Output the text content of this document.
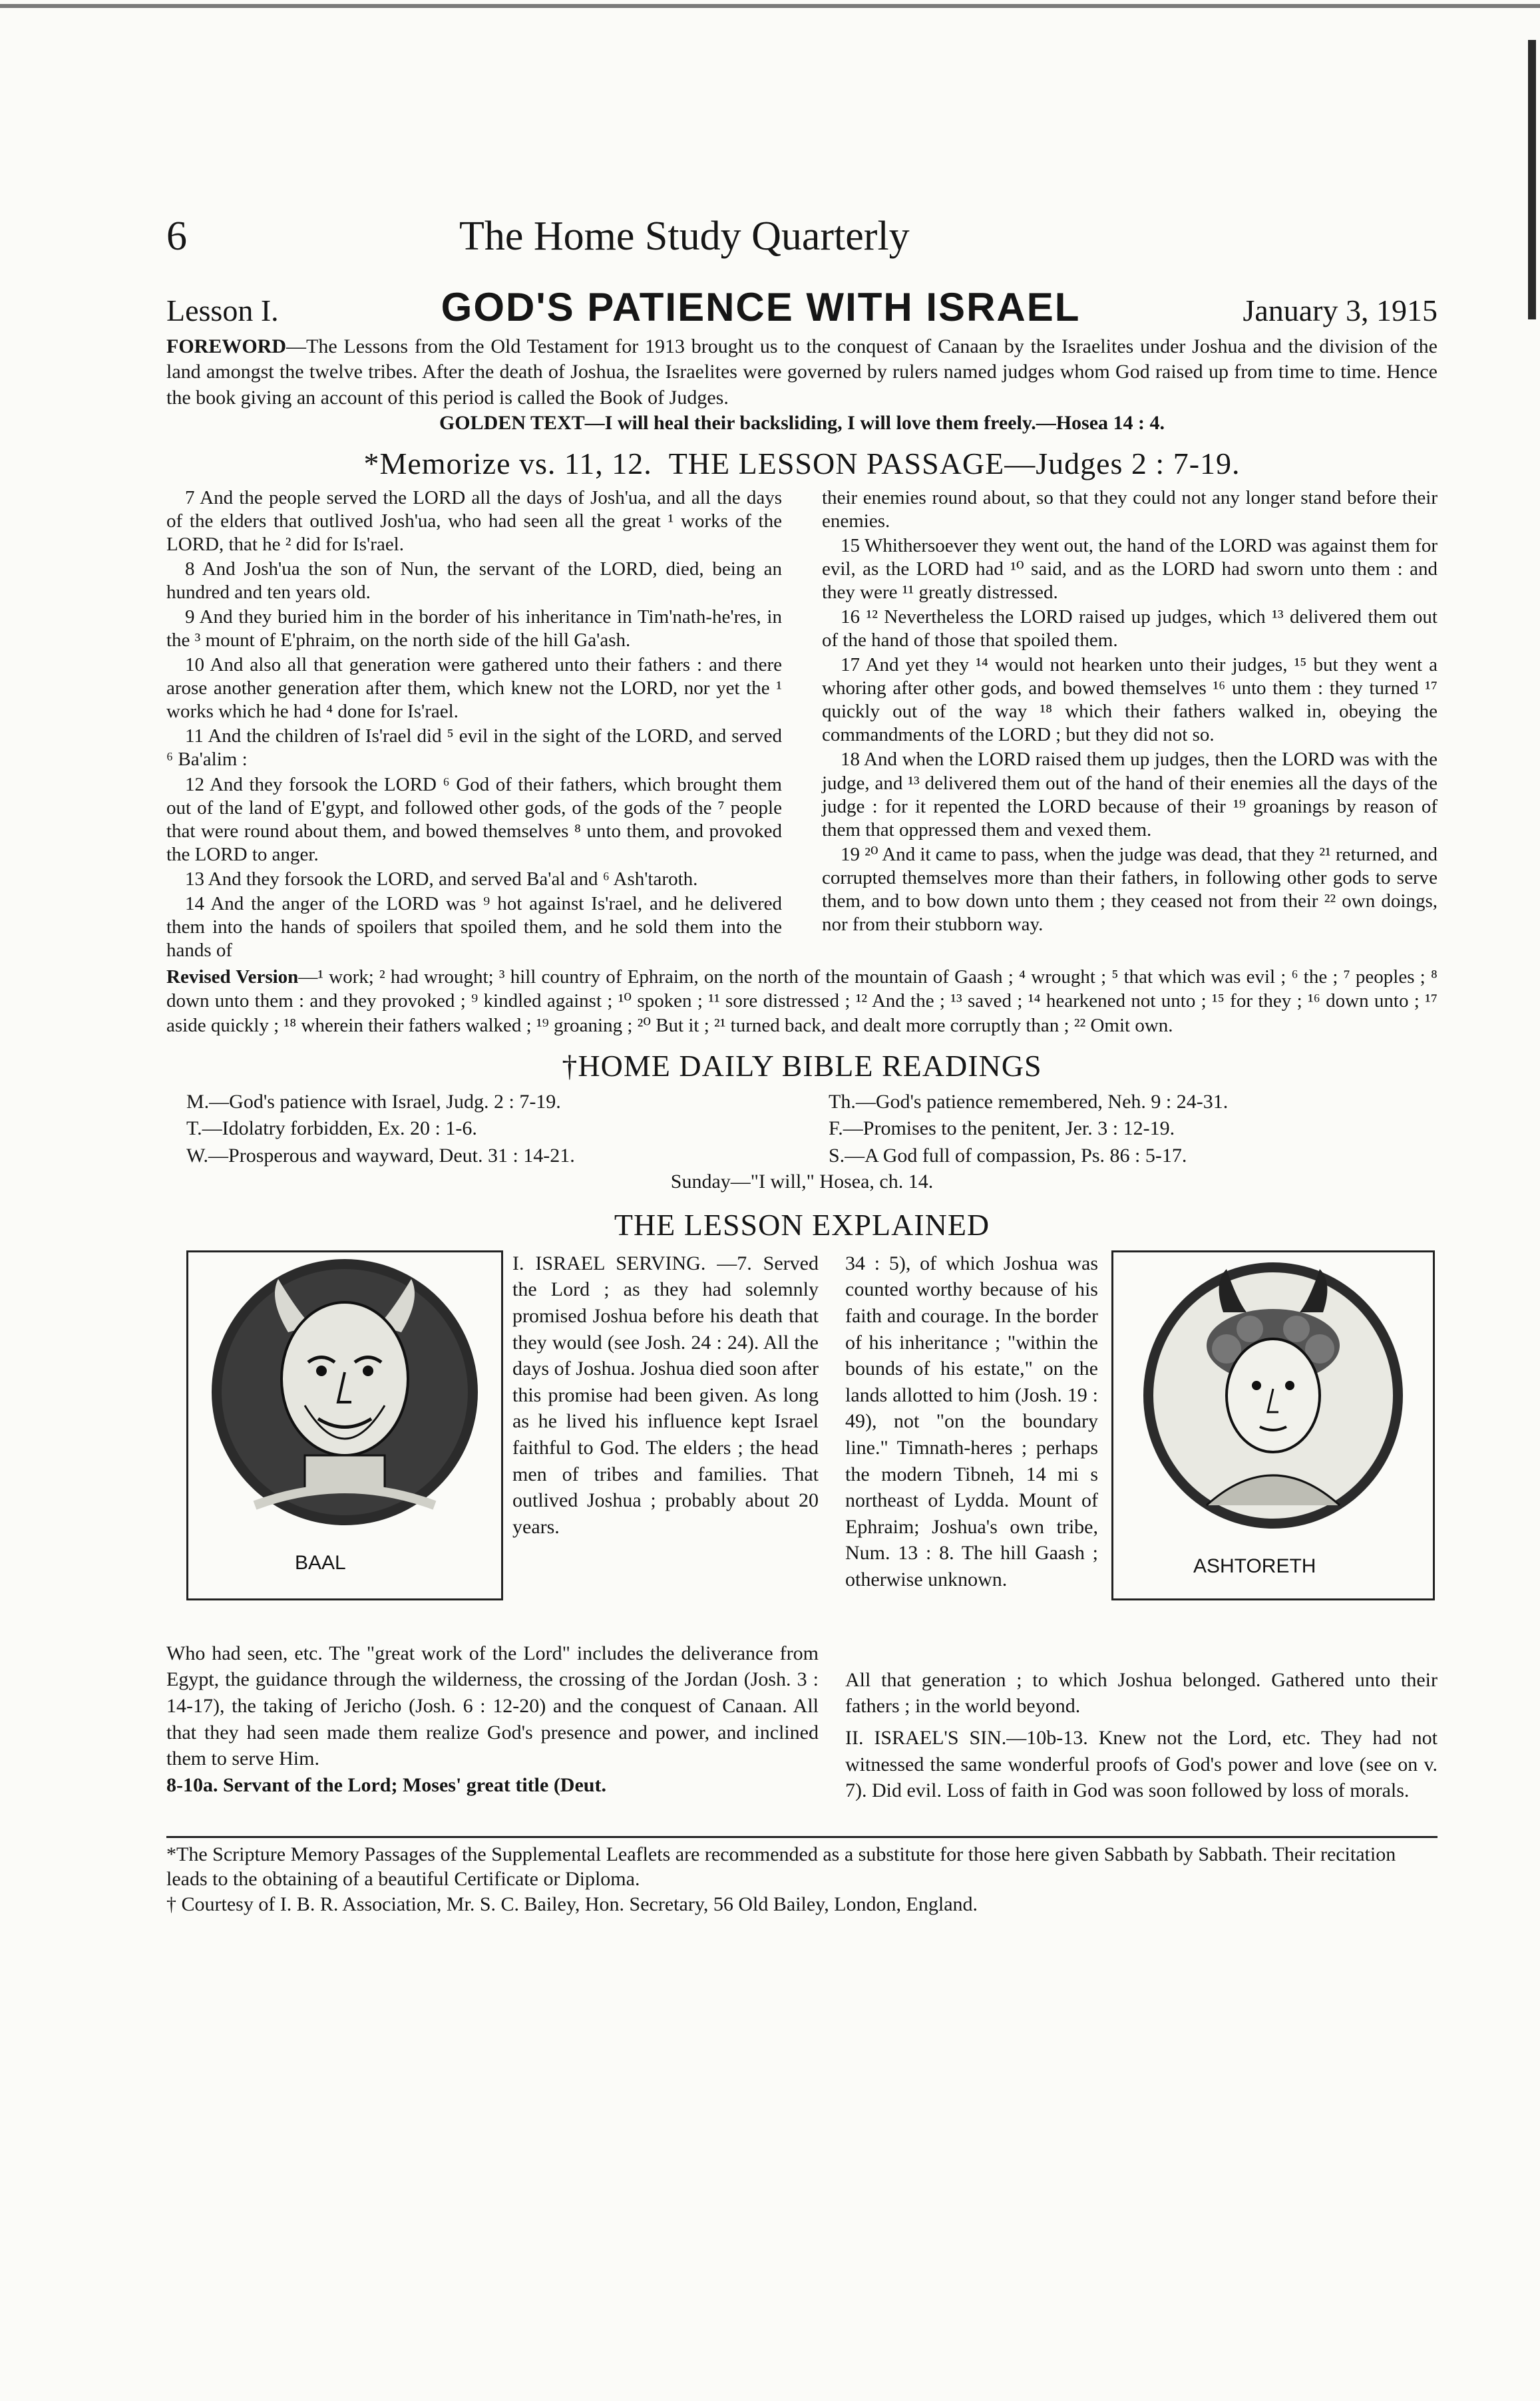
6	The Home Study Quarterly
Lesson I.	GOD'S PATIENCE WITH ISRAEL	January 3, 1915

FOREWORD—The Lessons from the Old Testament for 1913 brought us to the conquest of Canaan by the Israelites under Joshua and the division of the land amongst the twelve tribes. After the death of Joshua, the Israelites were governed by rulers named judges whom God raised up from time to time. Hence the book giving an account of this period is called the Book of Judges.

GOLDEN TEXT—I will heal their backsliding, I will love them freely.—Hosea 14 : 4.

*Memorize vs. 11, 12. THE LESSON PASSAGE—Judges 2 : 7-19.

7 And the people served the LORD all the days of Josh'ua, and all the days of the elders that outlived Josh'ua, who had seen all the great ¹ works of the LORD, that he ² did for Is'rael.

8 And Josh'ua the son of Nun, the servant of the LORD, died, being an hundred and ten years old.

9 And they buried him in the border of his inheritance in Tim'nath-he'res, in the ³ mount of E'phraim, on the north side of the hill Ga'ash.

10 And also all that generation were gathered unto their fathers : and there arose another generation after them, which knew not the LORD, nor yet the ¹ works which he had ⁴ done for Is'rael.

11 And the children of Is'rael did ⁵ evil in the sight of the LORD, and served ⁶ Ba'alim :

12 And they forsook the LORD ⁶ God of their fathers, which brought them out of the land of E'gypt, and followed other gods, of the gods of the ⁷ people that were round about them, and bowed themselves ⁸ unto them, and provoked the LORD to anger.

13 And they forsook the LORD, and served Ba'al and ⁶ Ash'taroth.

14 And the anger of the LORD was ⁹ hot against Is'rael, and he delivered them into the hands of spoilers that spoiled them, and he sold them into the hands of

their enemies round about, so that they could not any longer stand before their enemies.

15 Whithersoever they went out, the hand of the LORD was against them for evil, as the LORD had ¹⁰ said, and as the LORD had sworn unto them : and they were ¹¹ greatly distressed.

16 ¹² Nevertheless the LORD raised up judges, which ¹³ delivered them out of the hand of those that spoiled them.

17 And yet they ¹⁴ would not hearken unto their judges, ¹⁵ but they went a whoring after other gods, and bowed themselves ¹⁶ unto them : they turned ¹⁷ quickly out of the way ¹⁸ which their fathers walked in, obeying the commandments of the LORD ; but they did not so.

18 And when the LORD raised them up judges, then the LORD was with the judge, and ¹³ delivered them out of the hand of their enemies all the days of the judge : for it repented the LORD because of their ¹⁹ groanings by reason of them that oppressed them and vexed them.

19 ²⁰ And it came to pass, when the judge was dead, that they ²¹ returned, and corrupted themselves more than their fathers, in following other gods to serve them, and to bow down unto them ; they ceased not from their ²² own doings, nor from their stubborn way.

Revised Version—¹ work; ² had wrought; ³ hill country of Ephraim, on the north of the mountain of Gaash ; ⁴ wrought ; ⁵ that which was evil ; ⁶ the ; ⁷ peoples ; ⁸ down unto them : and they provoked ; ⁹ kindled against ; ¹⁰ spoken ; ¹¹ sore distressed ; ¹² And the ; ¹³ saved ; ¹⁴ hearkened not unto ; ¹⁵ for they ; ¹⁶ down unto ; ¹⁷ aside quickly ; ¹⁸ wherein their fathers walked ; ¹⁹ groaning ; ²⁰ But it ; ²¹ turned back, and dealt more corruptly than ; ²² Omit own.

†HOME DAILY BIBLE READINGS
M.—God's patience with Israel, Judg. 2 : 7-19.	Th.—God's patience remembered, Neh. 9 : 24-31.
T.—Idolatry forbidden, Ex. 20 : 1-6.	F.—Promises to the penitent, Jer. 3 : 12-19.
W.—Prosperous and wayward, Deut. 31 : 14-21.	S.—A God full of compassion, Ps. 86 : 5-17.

Sunday—"I will," Hosea, ch. 14.

THE LESSON EXPLAINED
BAAL
I. ISRAEL SERVING. —7. Served the Lord ; as they had solemnly promised Joshua before his death that they would (see Josh. 24 : 24). All the days of Joshua. Joshua died soon after this promise had been given. As long as he lived his influence kept Israel faithful to God. The elders ; the head men of tribes and families. That outlived Joshua ; probably about 20 years.
Who had seen, etc. The "great work of the Lord" includes the deliverance from Egypt, the guidance through the wilderness, the crossing of the Jordan (Josh. 3 : 14-17), the taking of Jericho (Josh. 6 : 12-20) and the conquest of Canaan. All that they had seen made them realize God's presence and power, and inclined them to serve Him.
8-10a. Servant of the Lord; Moses' great title (Deut.
34 : 5), of which Joshua was counted worthy because of his faith and courage. In the border of his inheritance ; "within the bounds of his estate," on the lands allotted to him (Josh. 19 : 49), not "on the boundary line." Timnath-heres ; perhaps the modern Tibneh, 14 mi s northeast of Lydda. Mount of Ephraim; Joshua's own tribe, Num. 13 : 8. The hill Gaash ; otherwise unknown.
All that generation ; to which Joshua belonged. Gathered unto their fathers ; in the world beyond.
II. ISRAEL'S SIN.—10b-13. Knew not the Lord, etc. They had not witnessed the same wonderful proofs of God's power and love (see on v. 7). Did evil. Loss of faith in God was soon followed by loss of morals.
ASHTORETH
*The Scripture Memory Passages of the Supplemental Leaflets are recommended as a substitute for those here given Sabbath by Sabbath. Their recitation leads to the obtaining of a beautiful Certificate or Diploma.
† Courtesy of I. B. R. Association, Mr. S. C. Bailey, Hon. Secretary, 56 Old Bailey, London, England.
